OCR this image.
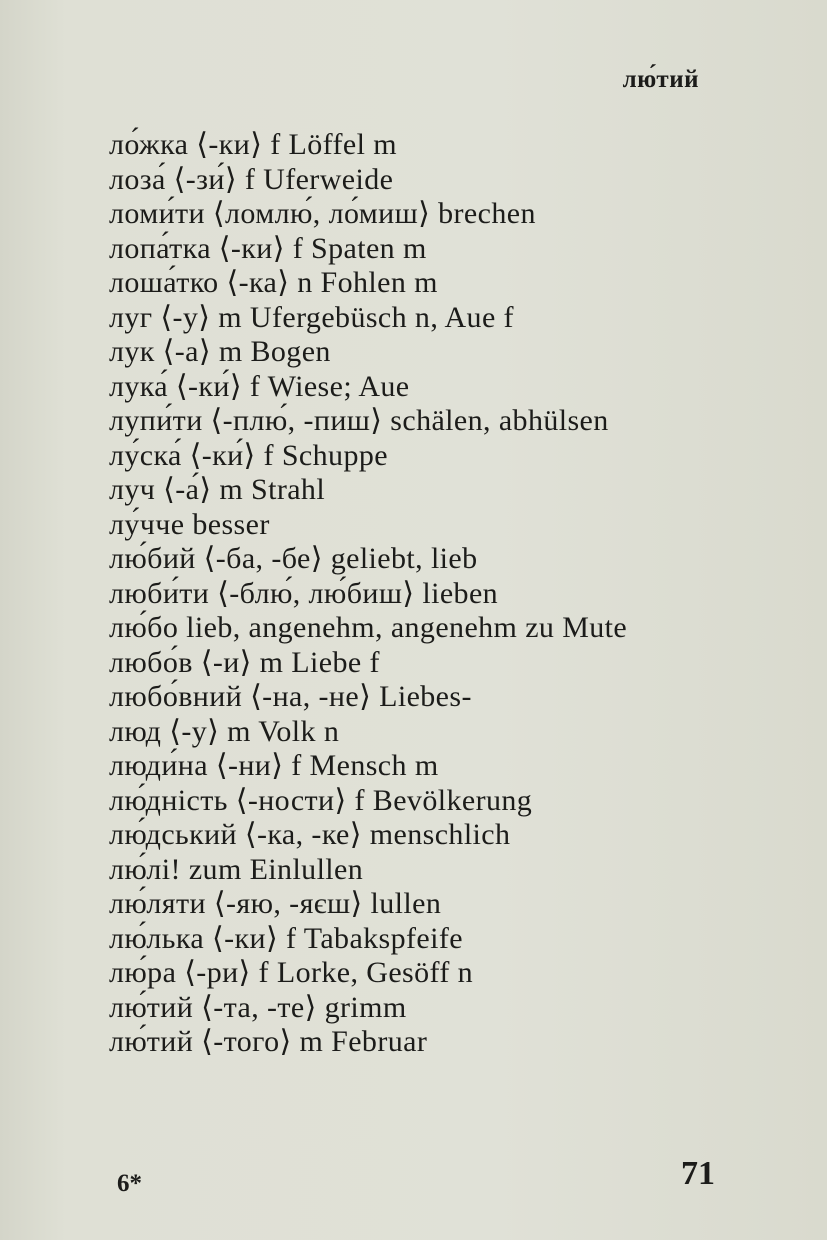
лю́тий
ло́жка ⟨-ки⟩ f Löffel m
лоза́ ⟨-зи́⟩ f Uferweide
ломи́ти ⟨ломлю́, ло́миш⟩ brechen
лопа́тка ⟨-ки⟩ f Spaten m
лоша́тко ⟨-ка⟩ n Fohlen m
луг ⟨-у⟩ m Ufergebüsch n, Aue f
лук ⟨-а⟩ m Bogen
лука́ ⟨-ки́⟩ f Wiese; Aue
лупи́ти ⟨-плю́, -пиш⟩ schälen, abhülsen
лу́ска́ ⟨-ки́⟩ f Schuppe
луч ⟨-а́⟩ m Strahl
лу́чче besser
лю́бий ⟨-ба, -бе⟩ geliebt, lieb
люби́ти ⟨-блю́, лю́биш⟩ lieben
лю́бо lieb, angenehm, angenehm zu Mute
любо́в ⟨-и⟩ m Liebe f
любо́вний ⟨-на, -не⟩ Liebes-
люд ⟨-у⟩ m Volk n
люди́на ⟨-ни⟩ f Mensch m
лю́дність ⟨-ности⟩ f Bevölkerung
лю́дський ⟨-ка, -ке⟩ menschlich
лю́лі! zum Einlullen
лю́ляти ⟨-яю, -яєш⟩ lullen
лю́лька ⟨-ки⟩ f Tabakspfeife
лю́ра ⟨-ри⟩ f Lorke, Gesöff n
лю́тий ⟨-та, -те⟩ grimm
лю́тий ⟨-того⟩ m Februar
6*	71
